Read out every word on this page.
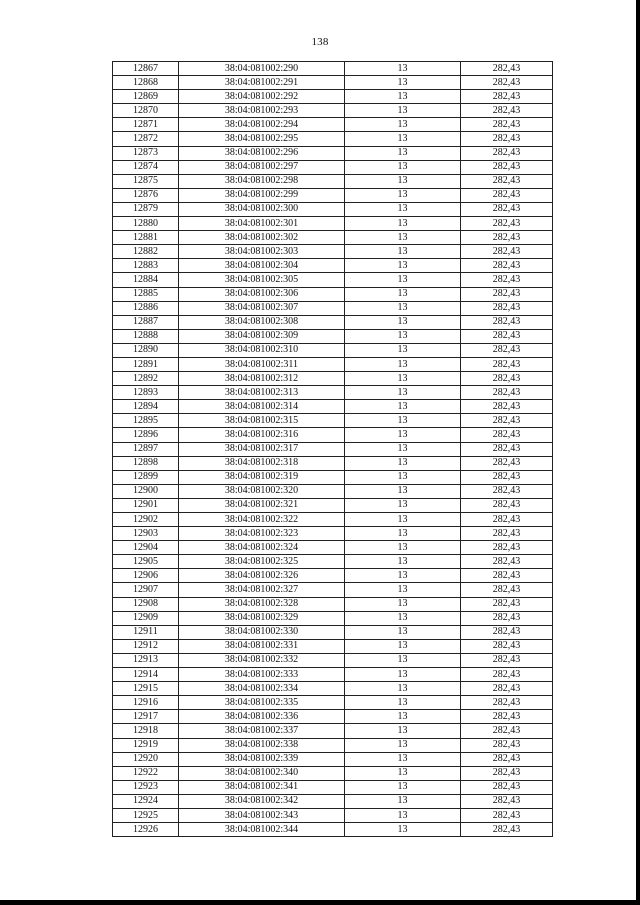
138
12867	38:04:081002:290	13	282,43
12868	38:04:081002:291	13	282,43
12869	38:04:081002:292	13	282,43
12870	38:04:081002:293	13	282,43
12871	38:04:081002:294	13	282,43
12872	38:04:081002:295	13	282,43
12873	38:04:081002:296	13	282,43
12874	38:04:081002:297	13	282,43
12875	38:04:081002:298	13	282,43
12876	38:04:081002:299	13	282,43
12879	38:04:081002:300	13	282,43
12880	38:04:081002:301	13	282,43
12881	38:04:081002:302	13	282,43
12882	38:04:081002:303	13	282,43
12883	38:04:081002:304	13	282,43
12884	38:04:081002:305	13	282,43
12885	38:04:081002:306	13	282,43
12886	38:04:081002:307	13	282,43
12887	38:04:081002:308	13	282,43
12888	38:04:081002:309	13	282,43
12890	38:04:081002:310	13	282,43
12891	38:04:081002:311	13	282,43
12892	38:04:081002:312	13	282,43
12893	38:04:081002:313	13	282,43
12894	38:04:081002:314	13	282,43
12895	38:04:081002:315	13	282,43
12896	38:04:081002:316	13	282,43
12897	38:04:081002:317	13	282,43
12898	38:04:081002:318	13	282,43
12899	38:04:081002:319	13	282,43
12900	38:04:081002:320	13	282,43
12901	38:04:081002:321	13	282,43
12902	38:04:081002:322	13	282,43
12903	38:04:081002:323	13	282,43
12904	38:04:081002:324	13	282,43
12905	38:04:081002:325	13	282,43
12906	38:04:081002:326	13	282,43
12907	38:04:081002:327	13	282,43
12908	38:04:081002:328	13	282,43
12909	38:04:081002:329	13	282,43
12911	38:04:081002:330	13	282,43
12912	38:04:081002:331	13	282,43
12913	38:04:081002:332	13	282,43
12914	38:04:081002:333	13	282,43
12915	38:04:081002:334	13	282,43
12916	38:04:081002:335	13	282,43
12917	38:04:081002:336	13	282,43
12918	38:04:081002:337	13	282,43
12919	38:04:081002:338	13	282,43
12920	38:04:081002:339	13	282,43
12922	38:04:081002:340	13	282,43
12923	38:04:081002:341	13	282,43
12924	38:04:081002:342	13	282,43
12925	38:04:081002:343	13	282,43
12926	38:04:081002:344	13	282,43
